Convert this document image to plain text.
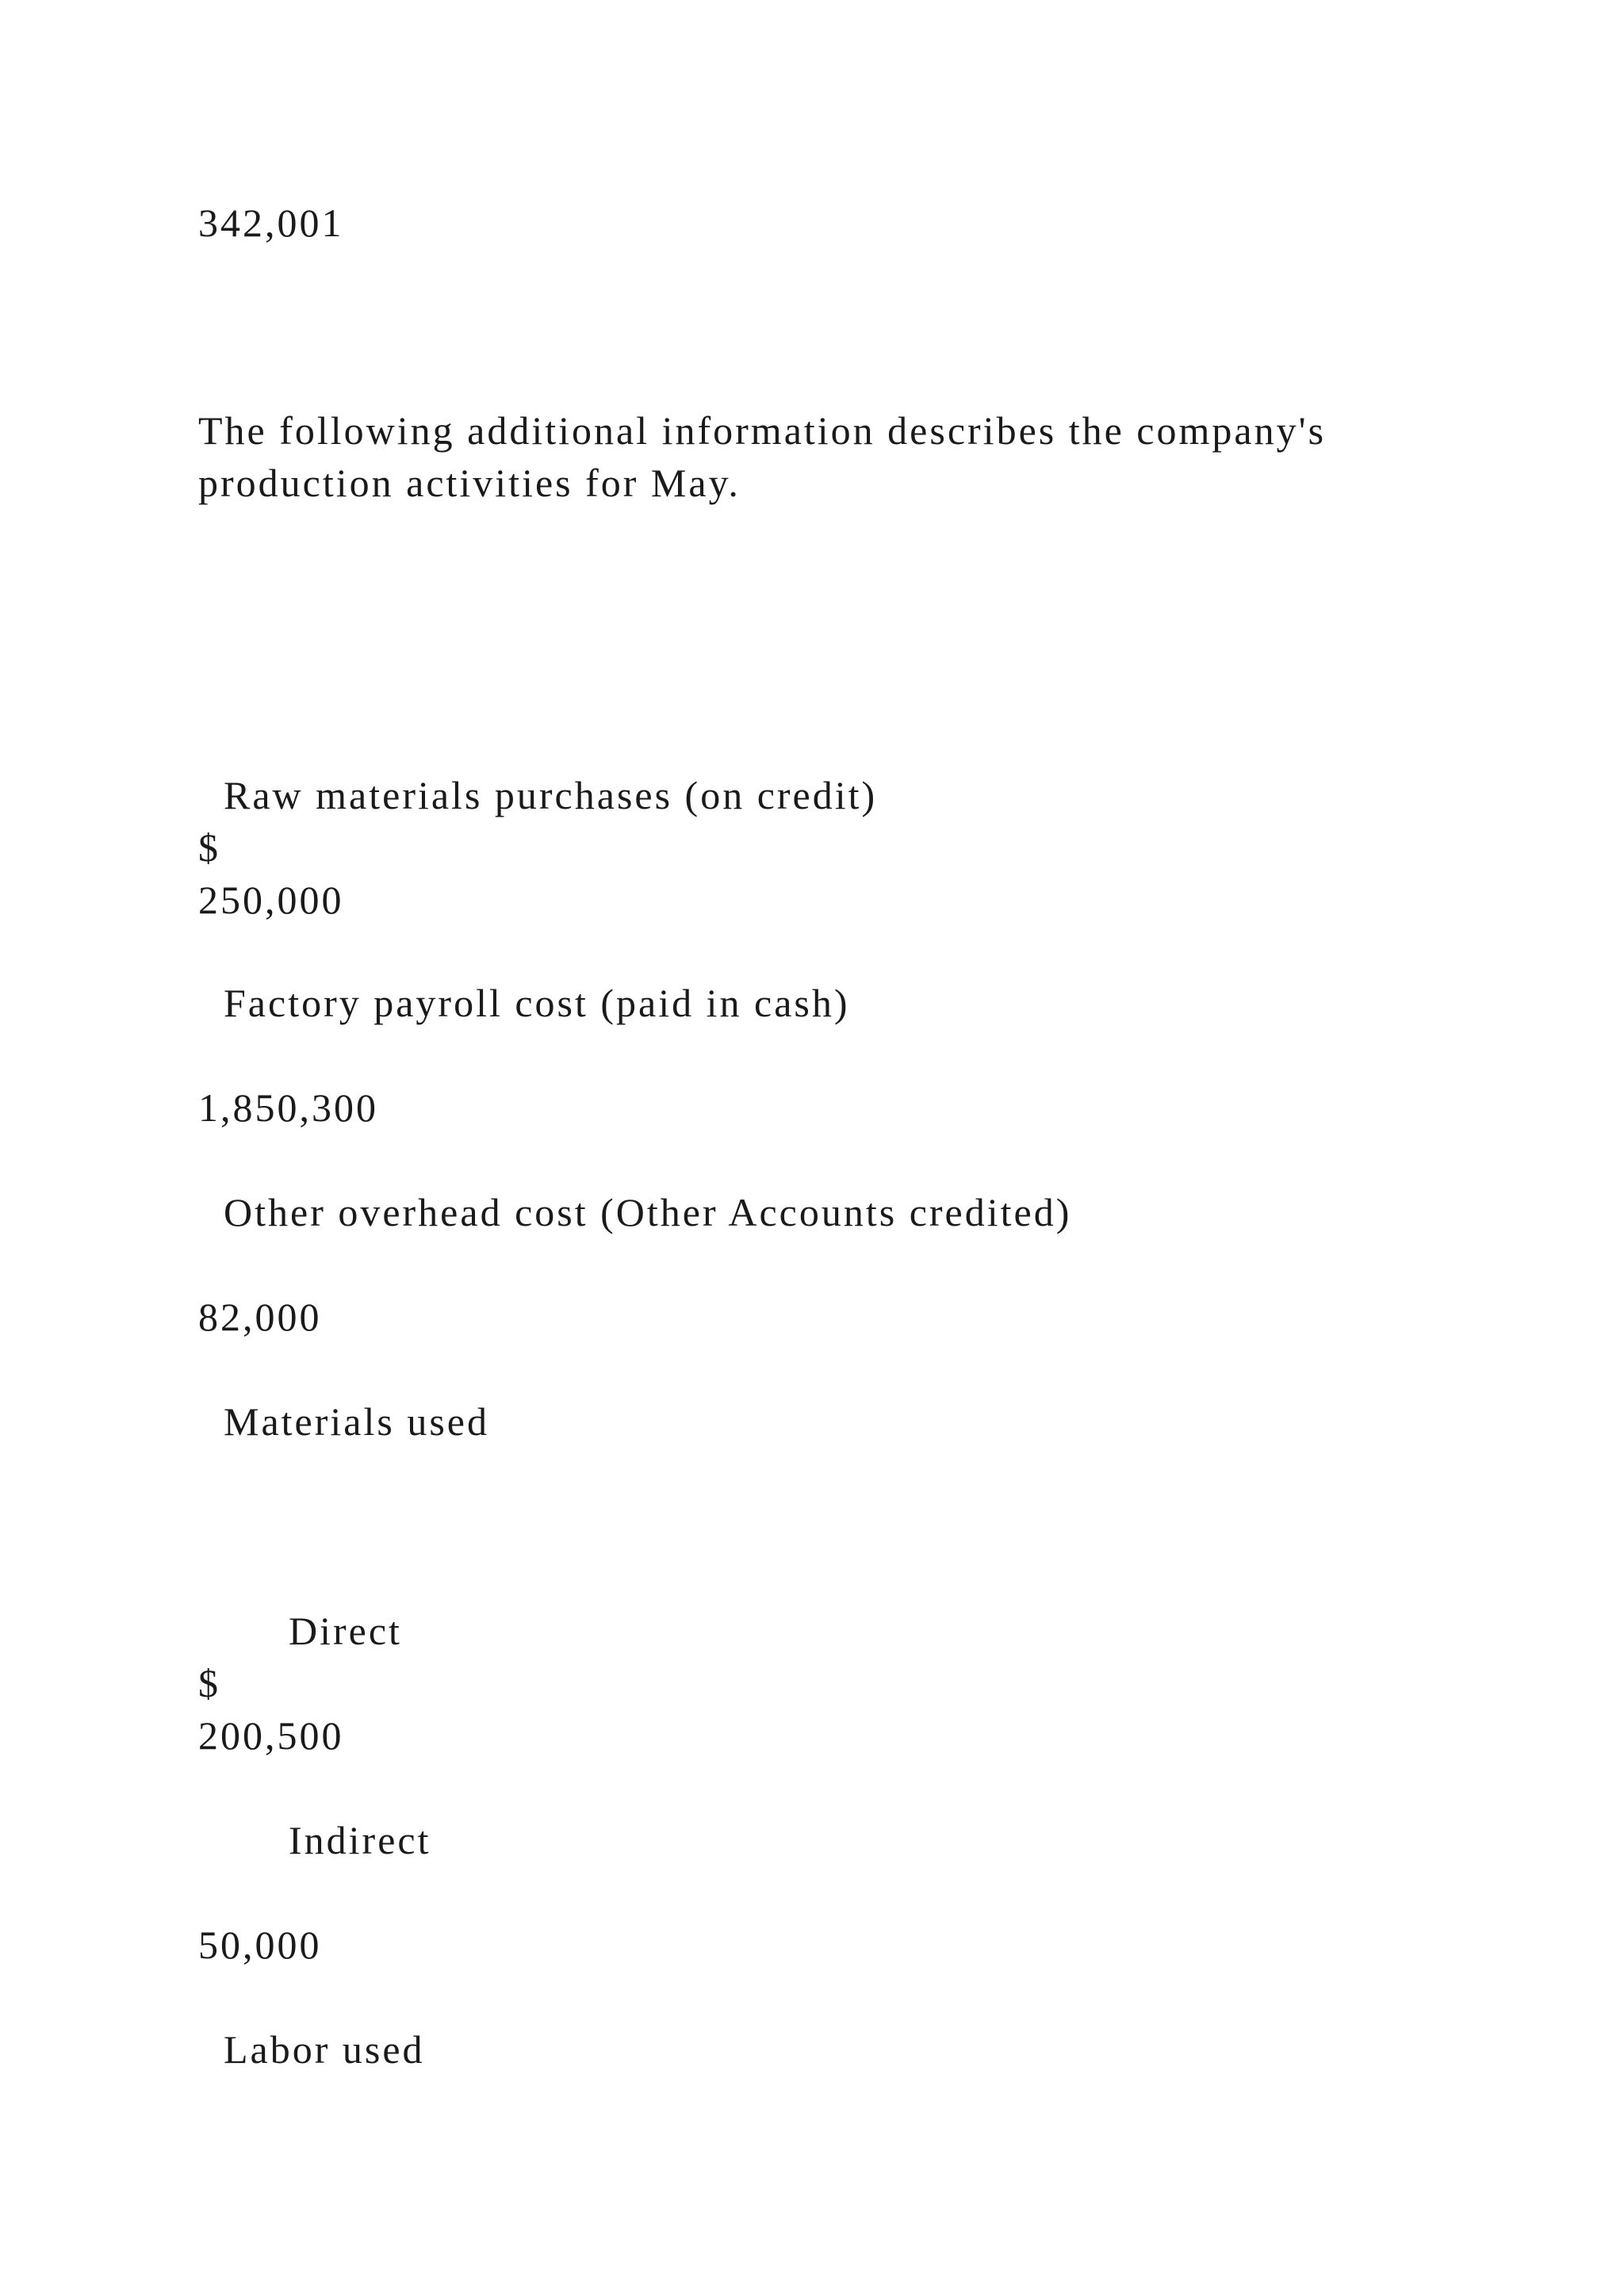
342,001

The following additional information describes the company's

production activities for May.

Raw materials purchases (on credit)

$

250,000

Factory payroll cost (paid in cash)

1,850,300

Other overhead cost (Other Accounts credited)

82,000

Materials used

Direct

$

200,500

Indirect

50,000

Labor used
